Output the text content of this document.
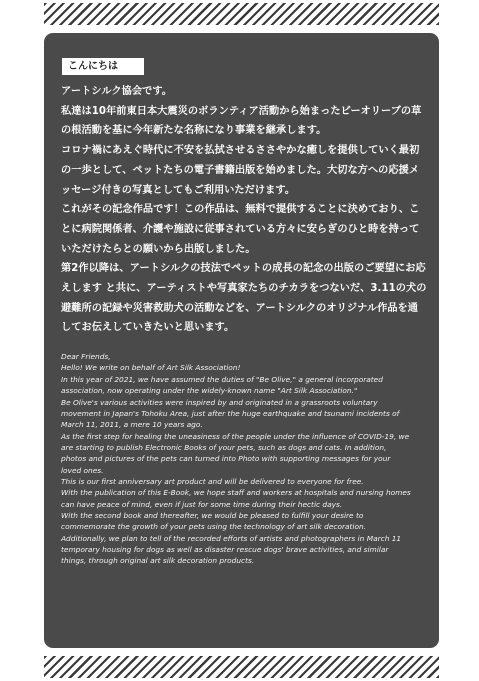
こんにちは

アートシルク協会です。

私達は10年前東日本大震災のボランティア活動から始まったビーオリーブの草の根活動を基に今年新たな名称になり事業を継承します。

コロナ禍にあえぐ時代に不安を払拭させるささやかな癒しを提供していく最初の一歩として、ペットたちの電子書籍出版を始めました。大切な方への応援メッセージ付きの写真としてもご利用いただけます。

これがその記念作品です！この作品は、無料で提供することに決めており、ことに病院関係者、介護や施設に従事されている方々に安らぎのひと時を持っていただけたらとの願いから出版しました。

第2作以降は、アートシルクの技法でペットの成長の記念の出版のご要望にお応えします と共に、アーティストや写真家たちのチカラをつないだ、3.11の犬の避難所の記録や災害救助犬の活動などを、アートシルクのオリジナル作品を通してお伝えしていきたいと思います。

Dear Friends,

Hello! We write on behalf of Art Silk Association!

In this year of 2021, we have assumed the duties of "Be Olive," a general incorporated

association, now operating under the widely-known name "Art Silk Association."

Be Olive's various activities were inspired by and originated in a grassroots voluntary

movement in Japan's Tohoku Area, just after the huge earthquake and tsunami incidents of

March 11, 2011, a mere 10 years ago.

As the first step for healing the uneasiness of the people under the influence of COVID-19, we

are starting to publish Electronic Books of your pets, such as dogs and cats. In addition,

photos and pictures of the pets can turned into Photo with supporting messages for your

loved ones.

This is our first anniversary art product and will be delivered to everyone for free.

With the publication of this E-Book, we hope staff and workers at hospitals and nursing homes

can have peace of mind, even if just for some time during their hectic days.

With the second book and thereafter, we would be pleased to fulfill your desire to

commemorate the growth of your pets using the technology of art silk decoration.

Additionally, we plan to tell of the recorded efforts of artists and photographers in March 11

temporary housing for dogs as well as disaster rescue dogs' brave activities, and similar

things, through original art silk decoration products.
